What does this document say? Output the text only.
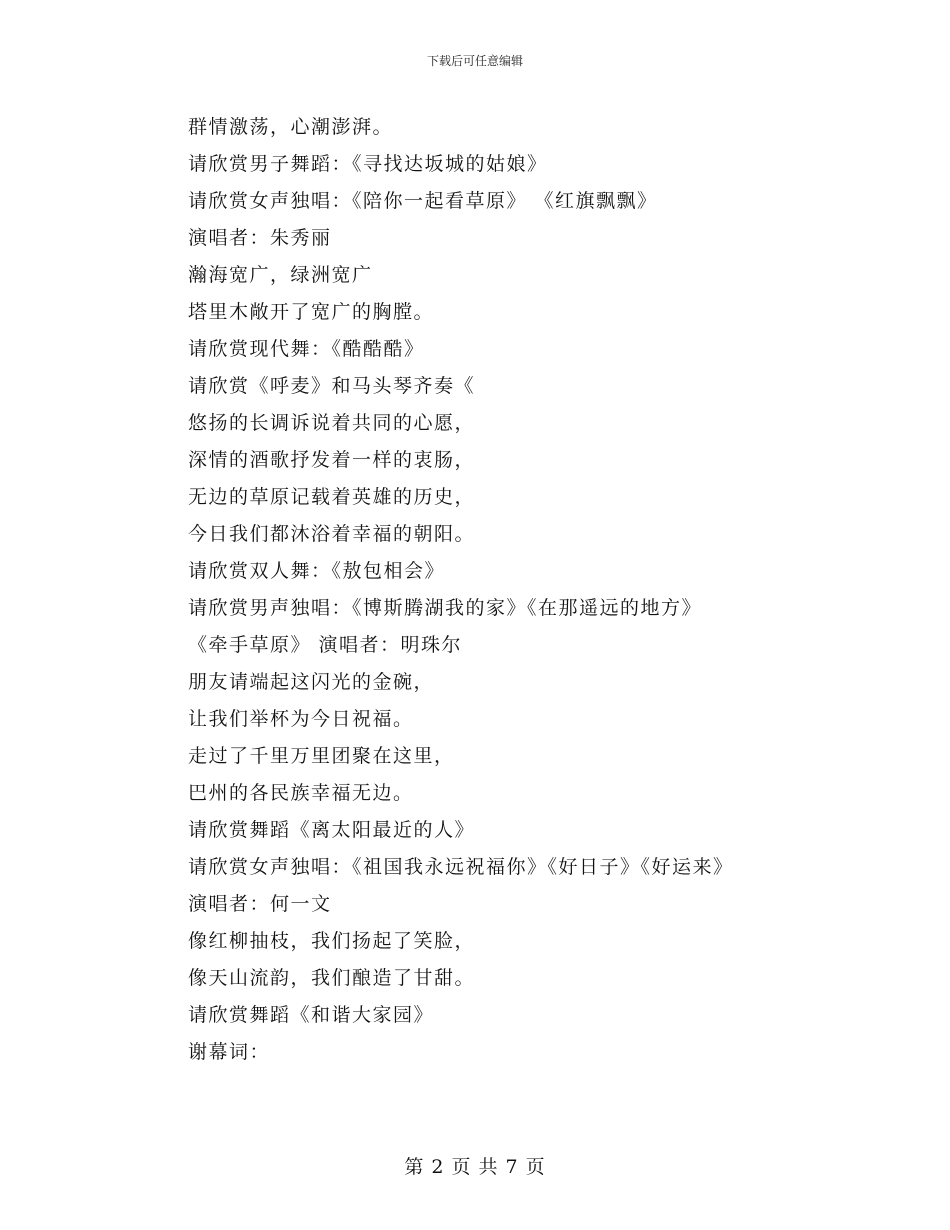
下载后可任意编辑
群情激荡，心潮澎湃。
请欣赏男子舞蹈：《寻找达坂城的姑娘》
请欣赏女声独唱：《陪你一起看草原》 《红旗飘飘》
演唱者：朱秀丽
瀚海宽广，绿洲宽广
塔里木敞开了宽广的胸膛。
请欣赏现代舞：《酷酷酷》
请欣赏《呼麦》和马头琴齐奏《
悠扬的长调诉说着共同的心愿，
深情的酒歌抒发着一样的衷肠，
无边的草原记载着英雄的历史，
今日我们都沐浴着幸福的朝阳。
请欣赏双人舞：《敖包相会》
请欣赏男声独唱：《博斯腾湖我的家》《在那遥远的地方》
《牵手草原》 演唱者：明珠尔
朋友请端起这闪光的金碗，
让我们举杯为今日祝福。
走过了千里万里团聚在这里，
巴州的各民族幸福无边。
请欣赏舞蹈《离太阳最近的人》
请欣赏女声独唱：《祖国我永远祝福你》《好日子》《好运来》
演唱者：何一文
像红柳抽枝，我们扬起了笑脸，
像天山流韵，我们酿造了甘甜。
请欣赏舞蹈《和谐大家园》
谢幕词：
第 2 页 共 7 页
